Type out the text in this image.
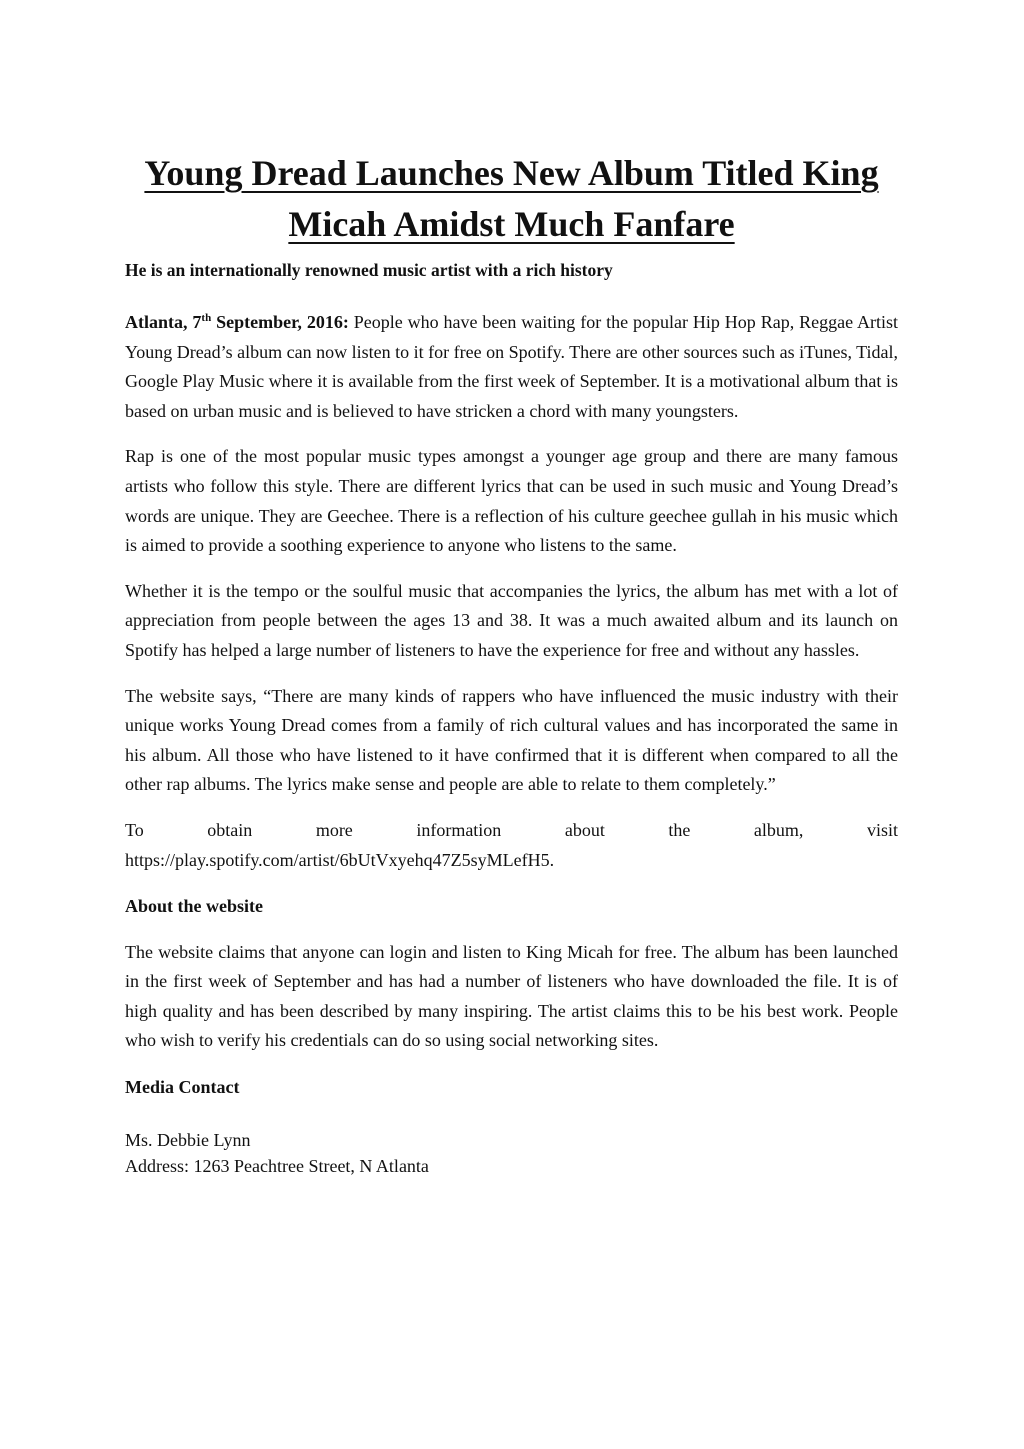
Young Dread Launches New Album Titled King Micah Amidst Much Fanfare
He is an internationally renowned music artist with a rich history

Atlanta, 7th September, 2016: People who have been waiting for the popular Hip Hop Rap, Reggae Artist Young Dread’s album can now listen to it for free on Spotify. There are other sources such as iTunes, Tidal, Google Play Music where it is available from the first week of September. It is a motivational album that is based on urban music and is believed to have stricken a chord with many youngsters.

Rap is one of the most popular music types amongst a younger age group and there are many famous artists who follow this style. There are different lyrics that can be used in such music and Young Dread’s words are unique. They are Geechee. There is a reflection of his culture geechee gullah in his music which is aimed to provide a soothing experience to anyone who listens to the same.

Whether it is the tempo or the soulful music that accompanies the lyrics, the album has met with a lot of appreciation from people between the ages 13 and 38. It was a much awaited album and its launch on Spotify has helped a large number of listeners to have the experience for free and without any hassles.

The website says, “There are many kinds of rappers who have influenced the music industry with their unique works Young Dread comes from a family of rich cultural values and has incorporated the same in his album. All those who have listened to it have confirmed that it is different when compared to all the other rap albums. The lyrics make sense and people are able to relate to them completely.”

To	obtain	more	information	about	the	album,	visit
https://play.spotify.com/artist/6bUtVxyehq47Z5syMLefH5.

About the website

The website claims that anyone can login and listen to King Micah for free. The album has been launched in the first week of September and has had a number of listeners who have downloaded the file. It is of high quality and has been described by many inspiring. The artist claims this to be his best work. People who wish to verify his credentials can do so using social networking sites.

Media Contact

Ms. Debbie Lynn

Address: 1263 Peachtree Street, N Atlanta
